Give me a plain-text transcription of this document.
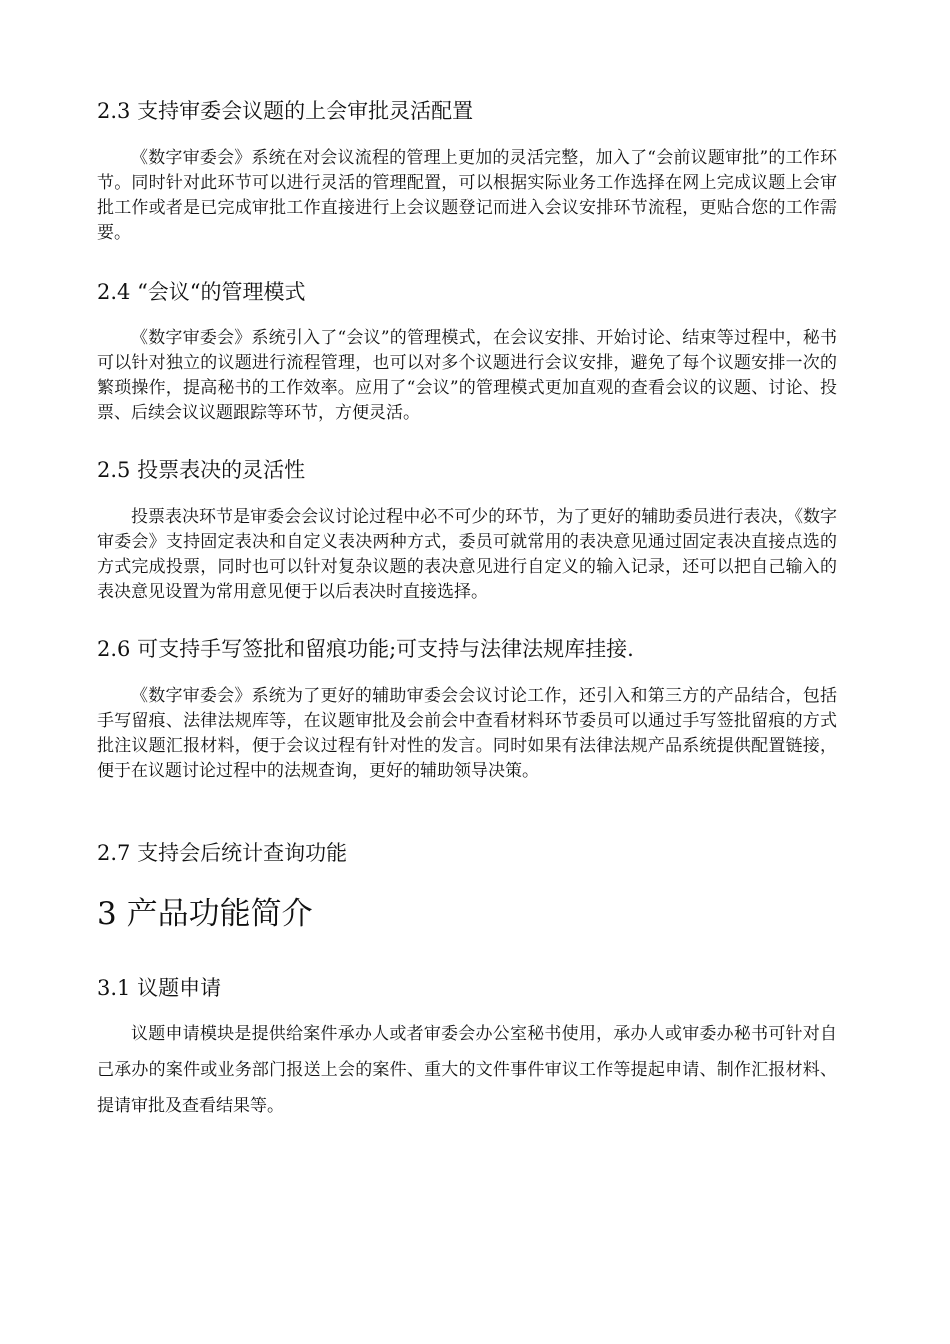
2.3 支持审委会议题的上会审批灵活配置

《数字审委会》系统在对会议流程的管理上更加的灵活完整，加入了“会前议题审批”的工作环节。同时针对此环节可以进行灵活的管理配置，可以根据实际业务工作选择在网上完成议题上会审批工作或者是已完成审批工作直接进行上会议题登记而进入会议安排环节流程，更贴合您的工作需要。

2.4 “会议“的管理模式

《数字审委会》系统引入了“会议”的管理模式，在会议安排、开始讨论、结束等过程中，秘书可以针对独立的议题进行流程管理，也可以对多个议题进行会议安排，避免了每个议题安排一次的繁琐操作，提高秘书的工作效率。应用了“会议”的管理模式更加直观的查看会议的议题、讨论、投票、后续会议议题跟踪等环节，方便灵活。

2.5 投票表决的灵活性

投票表决环节是审委会会议讨论过程中必不可少的环节，为了更好的辅助委员进行表决，《数字审委会》支持固定表决和自定义表决两种方式，委员可就常用的表决意见通过固定表决直接点选的方式完成投票，同时也可以针对复杂议题的表决意见进行自定义的输入记录，还可以把自己输入的表决意见设置为常用意见便于以后表决时直接选择。

2.6 可支持手写签批和留痕功能;可支持与法律法规库挂接.

《数字审委会》系统为了更好的辅助审委会会议讨论工作，还引入和第三方的产品结合，包括手写留痕、法律法规库等，在议题审批及会前会中查看材料环节委员可以通过手写签批留痕的方式批注议题汇报材料，便于会议过程有针对性的发言。同时如果有法律法规产品系统提供配置链接，便于在议题讨论过程中的法规查询，更好的辅助领导决策。

2.7 支持会后统计查询功能
3 产品功能简介
3.1 议题申请

议题申请模块是提供给案件承办人或者审委会办公室秘书使用，承办人或审委办秘书可针对自己承办的案件或业务部门报送上会的案件、重大的文件事件审议工作等提起申请、制作汇报材料、提请审批及查看结果等。
